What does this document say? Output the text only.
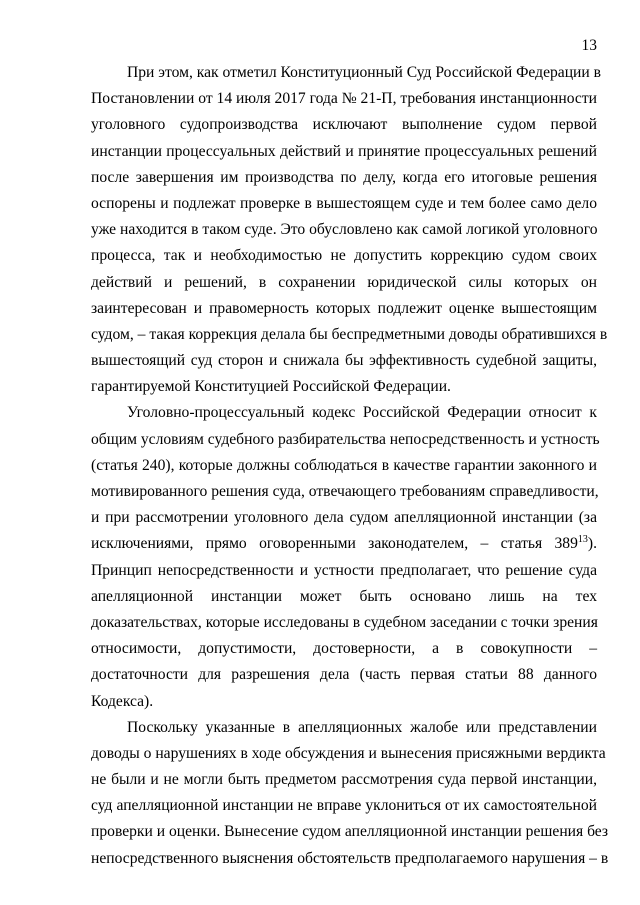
13
При этом, как отметил Конституционный Суд Российской Федерации в
Постановлении от 14 июля 2017 года № 21-П, требования инстанционности
уголовного судопроизводства исключают выполнение судом первой
инстанции процессуальных действий и принятие процессуальных решений
после завершения им производства по делу, когда его итоговые решения
оспорены и подлежат проверке в вышестоящем суде и тем более само дело
уже находится в таком суде. Это обусловлено как самой логикой уголовного
процесса, так и необходимостью не допустить коррекцию судом своих
действий и решений, в сохранении юридической силы которых он
заинтересован и правомерность которых подлежит оценке вышестоящим
судом, – такая коррекция делала бы беспредметными доводы обратившихся в
вышестоящий суд сторон и снижала бы эффективность судебной защиты,
гарантируемой Конституцией Российской Федерации.
Уголовно-процессуальный кодекс Российской Федерации относит к
общим условиям судебного разбирательства непосредственность и устность
(статья 240), которые должны соблюдаться в качестве гарантии законного и
мотивированного решения суда, отвечающего требованиям справедливости,
и при рассмотрении уголовного дела судом апелляционной инстанции (за
исключениями, прямо оговоренными законодателем, – статья $389^{13}$).
Принцип непосредственности и устности предполагает, что решение суда
апелляционной инстанции может быть основано лишь на тех
доказательствах, которые исследованы в судебном заседании с точки зрения
относимости, допустимости, достоверности, а в совокупности –
достаточности для разрешения дела (часть первая статьи 88 данного
Кодекса).
Поскольку указанные в апелляционных жалобе или представлении
доводы о нарушениях в ходе обсуждения и вынесения присяжными вердикта
не были и не могли быть предметом рассмотрения суда первой инстанции,
суд апелляционной инстанции не вправе уклониться от их самостоятельной
проверки и оценки. Вынесение судом апелляционной инстанции решения без
непосредственного выяснения обстоятельств предполагаемого нарушения – в
